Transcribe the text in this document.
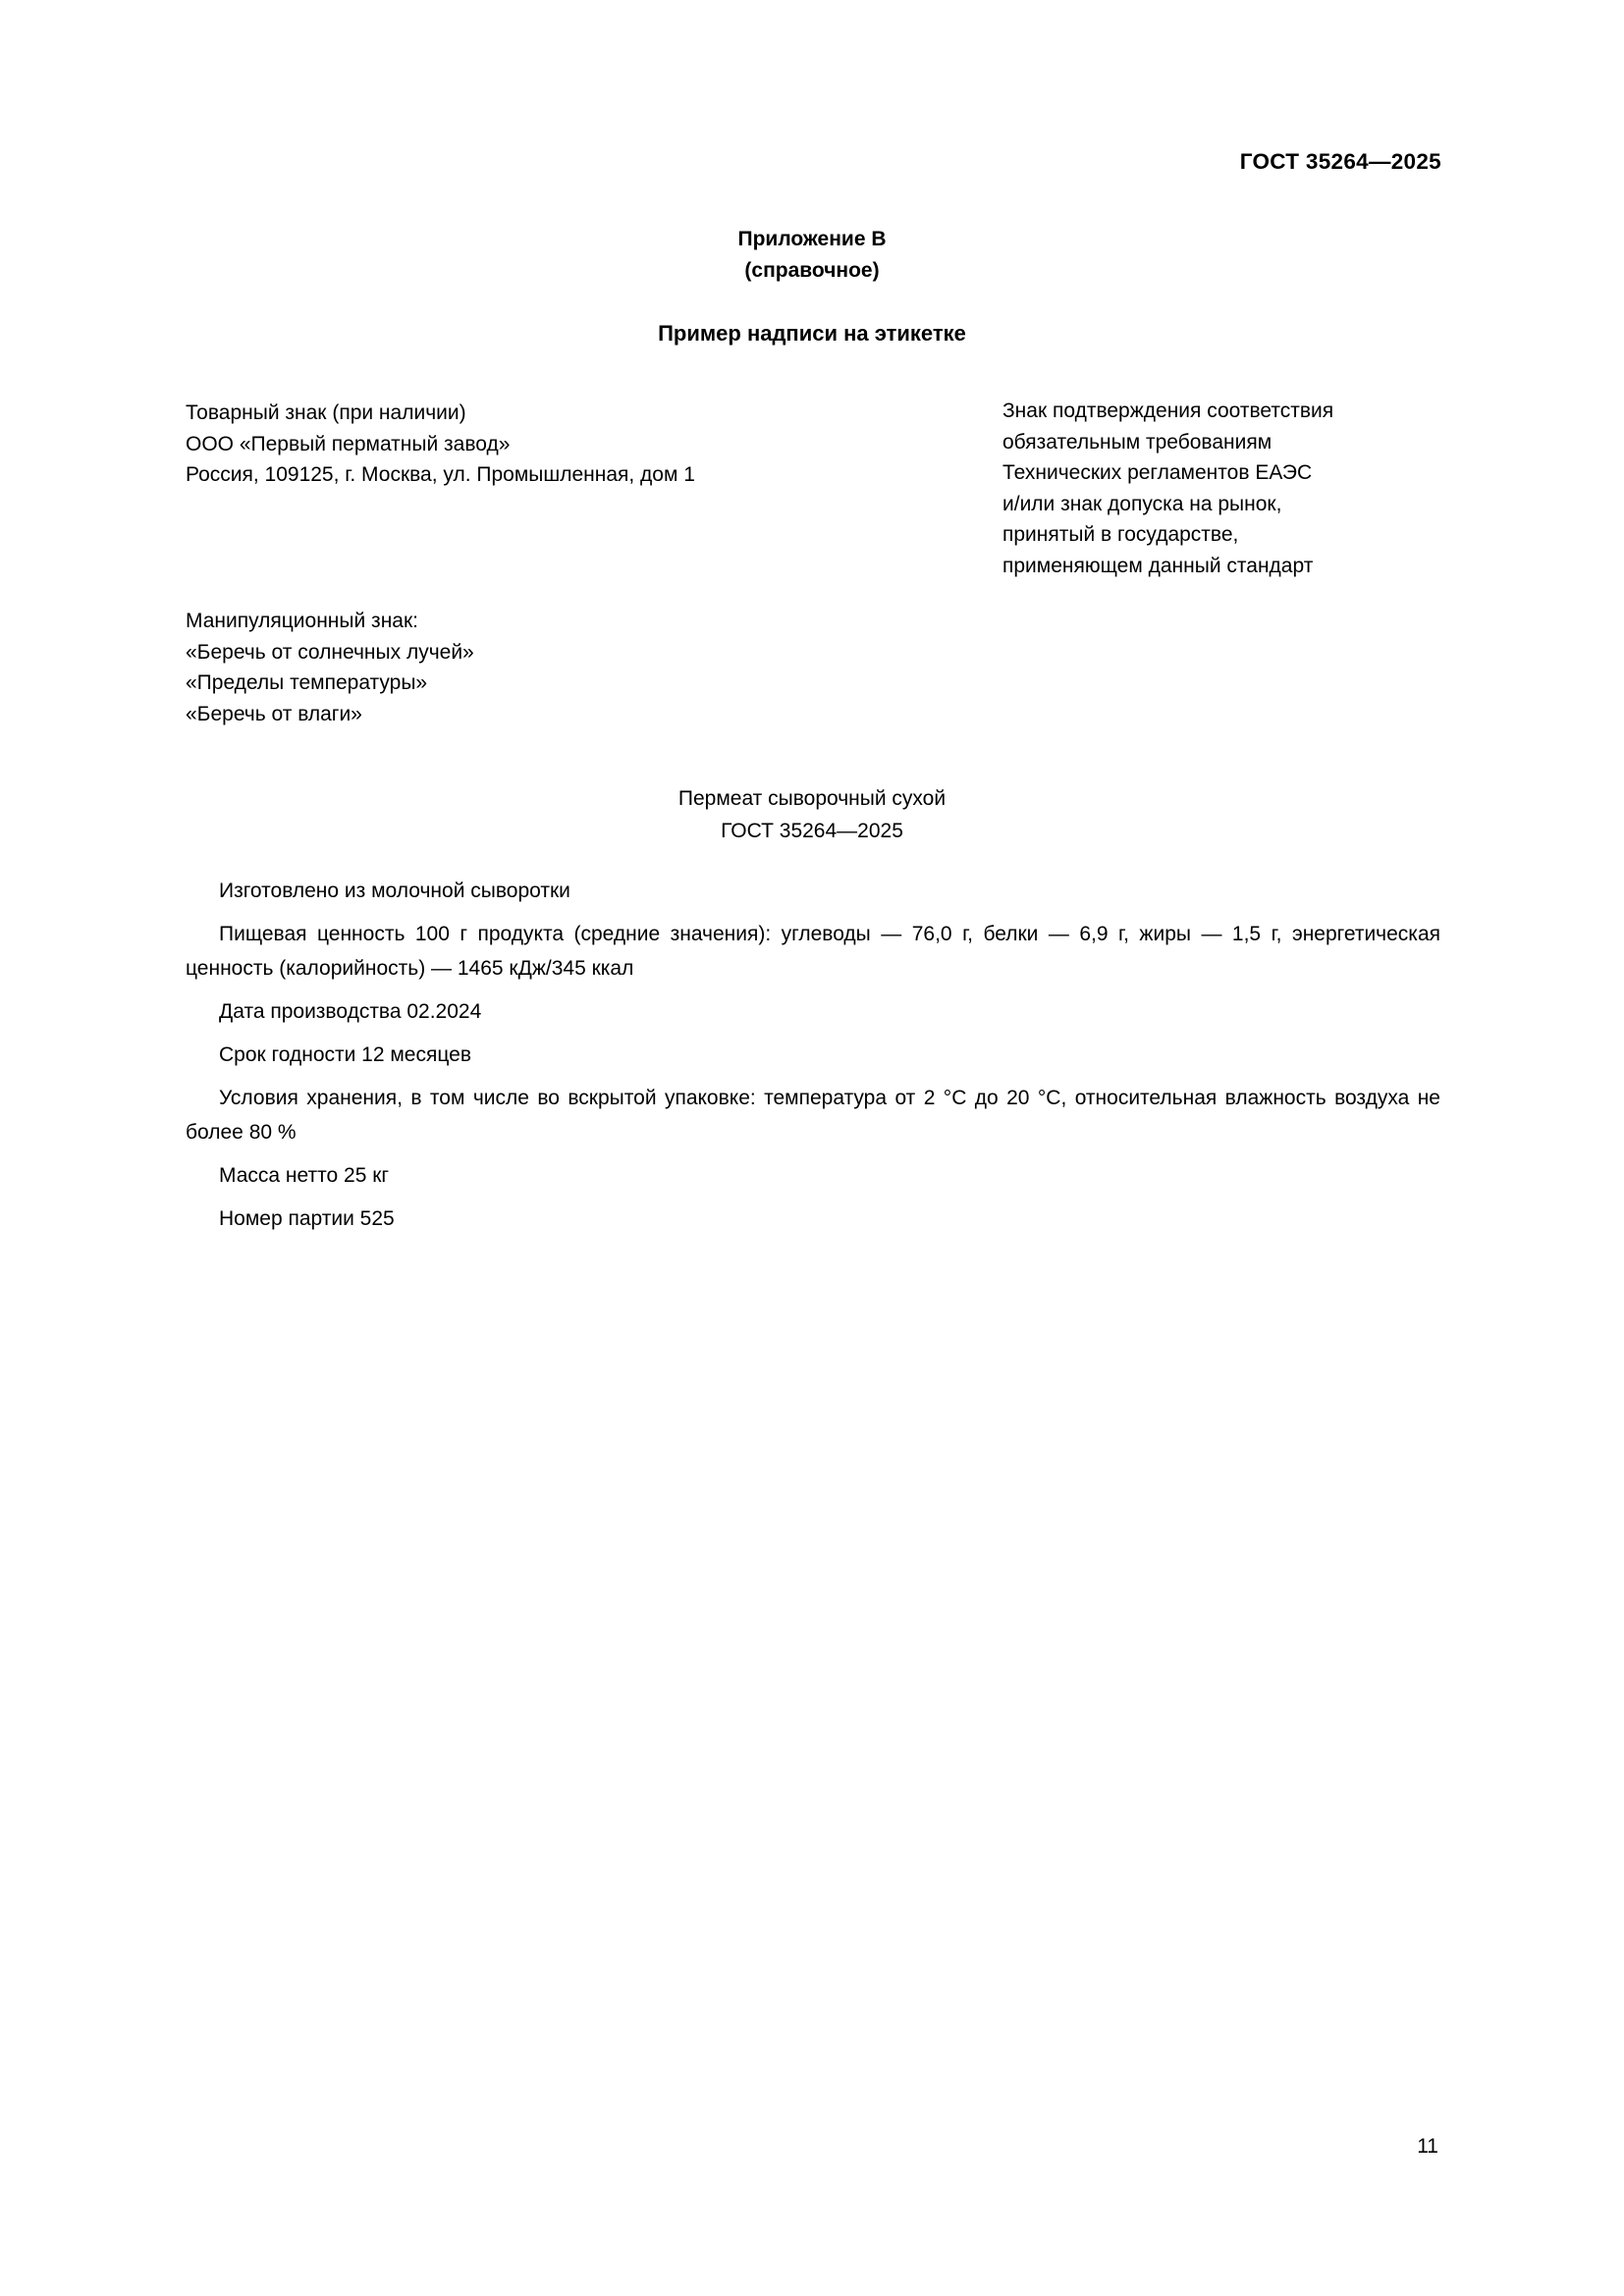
ГОСТ 35264—2025
Приложение В
(справочное)
Пример надписи на этикетке
Товарный знак (при наличии)
ООО «Первый перматный завод»
Россия, 109125, г. Москва, ул. Промышленная, дом 1
Знак подтверждения соответствия
обязательным требованиям
Технических регламентов ЕАЭС
и/или знак допуска на рынок,
принятый в государстве,
применяющем данный стандарт
Манипуляционный знак:
«Беречь от солнечных лучей»
«Пределы температуры»
«Беречь от влаги»
Пермеат сыворочный сухой
ГОСТ 35264—2025

Изготовлено из молочной сыворотки

Пищевая ценность 100 г продукта (средние значения): углеводы — 76,0 г, белки — 6,9 г, жиры — 1,5 г, энергетическая ценность (калорийность) — 1465 кДж/345 ккал

Дата производства 02.2024

Срок годности 12 месяцев

Условия хранения, в том числе во вскрытой упаковке: температура от 2 °C до 20 °C, относительная влажность воздуха не более 80 %

Масса нетто 25 кг

Номер партии 525

11
